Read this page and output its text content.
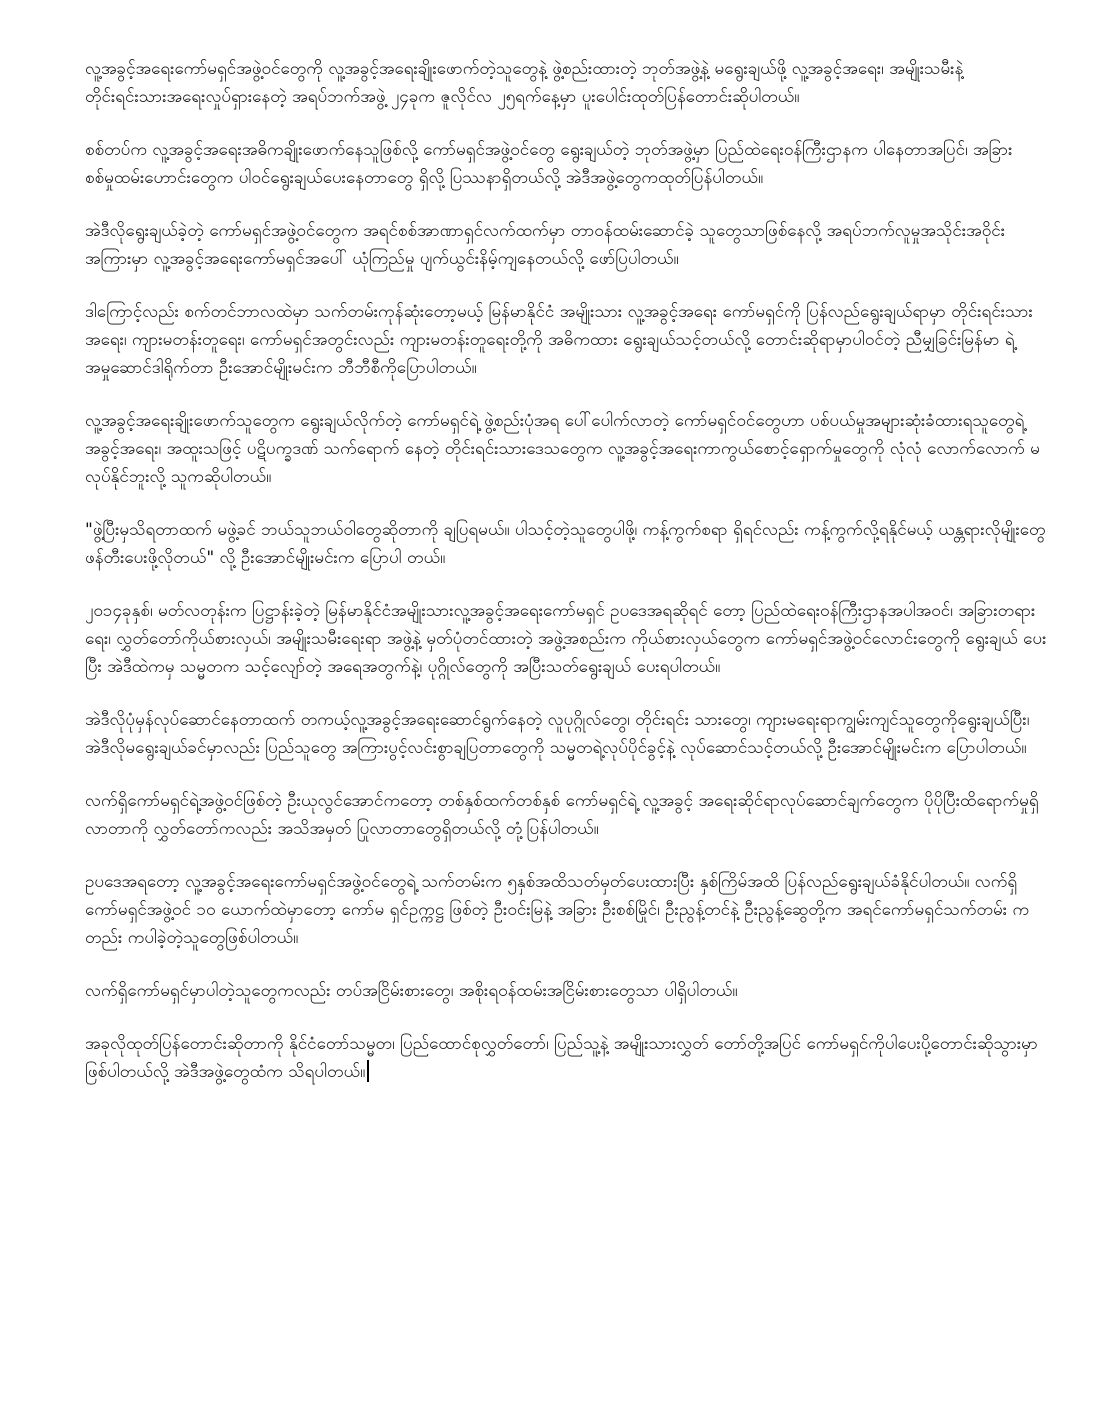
လူ့အခွင့်အရေးကော်မရှင်အဖွဲ့ဝင်တွေကို လူ့အခွင့်အရေးချိုးဖောက်တဲ့သူတွေနဲ့ ဖွဲ့စည်းထားတဲ့ ဘုတ်အဖွဲ့နဲ့ မရွေးချယ်ဖို့ လူ့အခွင့်အရေး၊ အမျိုးသမီးနဲ့ တိုင်းရင်းသားအရေးလှုပ်ရှားနေတဲ့ အရပ်ဘက်အဖွဲ့ ၂၄ခုက ဇူလိုင်လ ၂၅ရက်နေ့မှာ ပူးပေါင်းထုတ်ပြန်တောင်းဆိုပါတယ်။

စစ်တပ်က လူ့အခွင့်အရေးအဓိကချိုးဖောက်နေသူဖြစ်လို့ ကော်မရှင်အဖွဲ့ဝင်တွေ ရွေးချယ်တဲ့ ဘုတ်အဖွဲ့မှာ ပြည်ထဲရေးဝန်ကြီးဌာနက ပါနေတာအပြင်၊ အခြားစစ်မှုထမ်းဟောင်းတွေက ပါဝင်ရွေးချယ်ပေးနေတာတွေ ရှိလို့ ပြဿနာရှိတယ်လို့ အဲဒီအဖွဲ့တွေကထုတ်ပြန်ပါတယ်။

အဲဒီလိုရွေးချယ်ခဲ့တဲ့ ကော်မရှင်အဖွဲ့ဝင်တွေက အရင်စစ်အာဏာရှင်လက်ထက်မှာ တာဝန်ထမ်းဆောင်ခဲ့ သူတွေသာဖြစ်နေလို့ အရပ်ဘက်လူမှုအသိုင်းအဝိုင်းအကြားမှာ လူ့အခွင့်အရေးကော်မရှင်အပေါ် ယုံကြည်မှု ပျက်ယွင်းနိမ့်ကျနေတယ်လို့ ဖော်ပြပါတယ်။

ဒါကြောင့်လည်း စက်တင်ဘာလထဲမှာ သက်တမ်းကုန်ဆုံးတော့မယ့် မြန်မာနိုင်ငံ အမျိုးသား လူ့အခွင့်အရေး ကော်မရှင်ကို ပြန်လည်ရွေးချယ်ရာမှာ တိုင်းရင်းသားအရေး၊ ကျားမတန်းတူရေး၊ ကော်မရှင်အတွင်းလည်း ကျားမတန်းတူရေးတို့ကို အဓိကထား ရွေးချယ်သင့်တယ်လို့ တောင်းဆိုရာမှာပါဝင်တဲ့ ညီမျှခြင်းမြန်မာ ရဲ့ အမှုဆောင်ဒါရိုက်တာ ဦးအောင်မျိုးမင်းက ဘီဘီစီကိုပြောပါတယ်။

လူ့အခွင့်အရေးချိုးဖောက်သူတွေက ရွေးချယ်လိုက်တဲ့ ကော်မရှင်ရဲ့ ဖွဲ့စည်းပုံအရ ပေါ်ပေါက်လာတဲ့ ကော်မရှင်ဝင်တွေဟာ ပစ်ပယ်မှုအများဆုံးခံထားရသူတွေရဲ့ အခွင့်အရေး၊ အထူးသဖြင့် ပဋိပက္ခဒဏ် သက်ရောက် နေတဲ့ တိုင်းရင်းသားဒေသတွေက လူ့အခွင့်အရေးကာကွယ်စောင့်ရှောက်မှုတွေကို လုံလုံ လောက်လောက် မလုပ်နိုင်ဘူးလို့ သူကဆိုပါတယ်။

"ဖွဲ့ပြီးမှသိရတာထက် မဖွဲ့ခင် ဘယ်သူဘယ်ဝါတွေဆိုတာကို ချပြရမယ်။ ပါသင့်တဲ့သူတွေပါဖို့၊ ကန့်ကွက်စရာ ရှိရင်လည်း ကန့်ကွက်လို့ရနိုင်မယ့် ယန္တရားလိုမျိုးတွေ ဖန်တီးပေးဖို့လိုတယ်" လို့ ဦးအောင်မျိုးမင်းက ပြောပါ တယ်။

၂၀၁၄ခုနှစ်၊ မတ်လတုန်းက ပြဋ္ဌာန်းခဲ့တဲ့ မြန်မာနိုင်ငံအမျိုးသားလူ့အခွင့်အရေးကော်မရှင် ဥပဒေအရဆိုရင် တော့ ပြည်ထဲရေးဝန်ကြီးဌာနအပါအဝင်၊ အခြားတရားရေး၊ လွှတ်တော်ကိုယ်စားလှယ်၊ အမျိုးသမီးရေးရာ အဖွဲ့နဲ့ မှတ်ပုံတင်ထားတဲ့ အဖွဲ့အစည်းက ကိုယ်စားလှယ်တွေက ကော်မရှင်အဖွဲ့ဝင်လောင်းတွေကို ရွေးချယ် ပေးပြီး အဲဒီထဲကမှ သမ္မတက သင့်လျော်တဲ့ အရေအတွက်နဲ့၊ ပုဂ္ဂိုလ်တွေကို အပြီးသတ်ရွေးချယ် ပေးရပါတယ်။

အဲဒီလိုပုံမှန်လုပ်ဆောင်နေတာထက် တကယ့်လူ့အခွင့်အရေးဆောင်ရွက်နေတဲ့ လူပုဂ္ဂိုလ်တွေ၊ တိုင်းရင်း သားတွေ၊ ကျားမရေးရာကျွမ်းကျင်သူတွေကိုရွေးချယ်ပြီး၊ အဲဒီလိုမရွေးချယ်ခင်မှာလည်း ပြည်သူတွေ အကြားပွင့်လင်းစွာချပြတာတွေကို သမ္မတရဲ့လုပ်ပိုင်ခွင့်နဲ့ လုပ်ဆောင်သင့်တယ်လို့ ဦးအောင်မျိုးမင်းက ပြောပါတယ်။

လက်ရှိကော်မရှင်ရဲ့အဖွဲ့ဝင်ဖြစ်တဲ့ ဦးယုလွင်အောင်ကတော့ တစ်နှစ်ထက်တစ်နှစ် ကော်မရှင်ရဲ့ လူ့အခွင့် အရေးဆိုင်ရာလုပ်ဆောင်ချက်တွေက ပိုပိုပြီးထိရောက်မှုရှိလာတာကို လွှတ်တော်ကလည်း အသိအမှတ် ပြုလာတာတွေရှိတယ်လို့ တုံ့ပြန်ပါတယ်။

ဥပဒေအရတော့ လူ့အခွင့်အရေးကော်မရှင်အဖွဲ့ဝင်တွေရဲ့ သက်တမ်းက ၅နှစ်အထိသတ်မှတ်ပေးထားပြီး နှစ်ကြိမ်အထိ ပြန်လည်ရွေးချယ်ခံနိုင်ပါတယ်။ လက်ရှိ ကော်မရှင်အဖွဲ့ဝင် ၁၀ ယောက်ထဲမှာတော့ ကော်မ ရှင်ဥက္ကဋ္ဌ ဖြစ်တဲ့ ဦးဝင်းမြနဲ့ အခြား ဦးစစ်မြိုင်၊ ဦးညွန့်တင်နဲ့ ဦးညွန့်ဆွေတို့က အရင်ကော်မရှင်သက်တမ်း ကတည်း ကပါခဲ့တဲ့သူတွေဖြစ်ပါတယ်။

လက်ရှိကော်မရှင်မှာပါတဲ့သူတွေကလည်း တပ်အငြိမ်းစားတွေ၊ အစိုးရဝန်ထမ်းအငြိမ်းစားတွေသာ ပါရှိပါတယ်။

အခုလိုထုတ်ပြန်တောင်းဆိုတာကို နိုင်ငံတော်သမ္မတ၊ ပြည်ထောင်စုလွှတ်တော်၊ ပြည်သူ့နဲ့ အမျိုးသားလွှတ် တော်တို့အပြင် ကော်မရှင်ကိုပါပေးပို့တောင်းဆိုသွားမှာဖြစ်ပါတယ်လို့ အဲဒီအဖွဲ့တွေထံက သိရပါတယ်။
